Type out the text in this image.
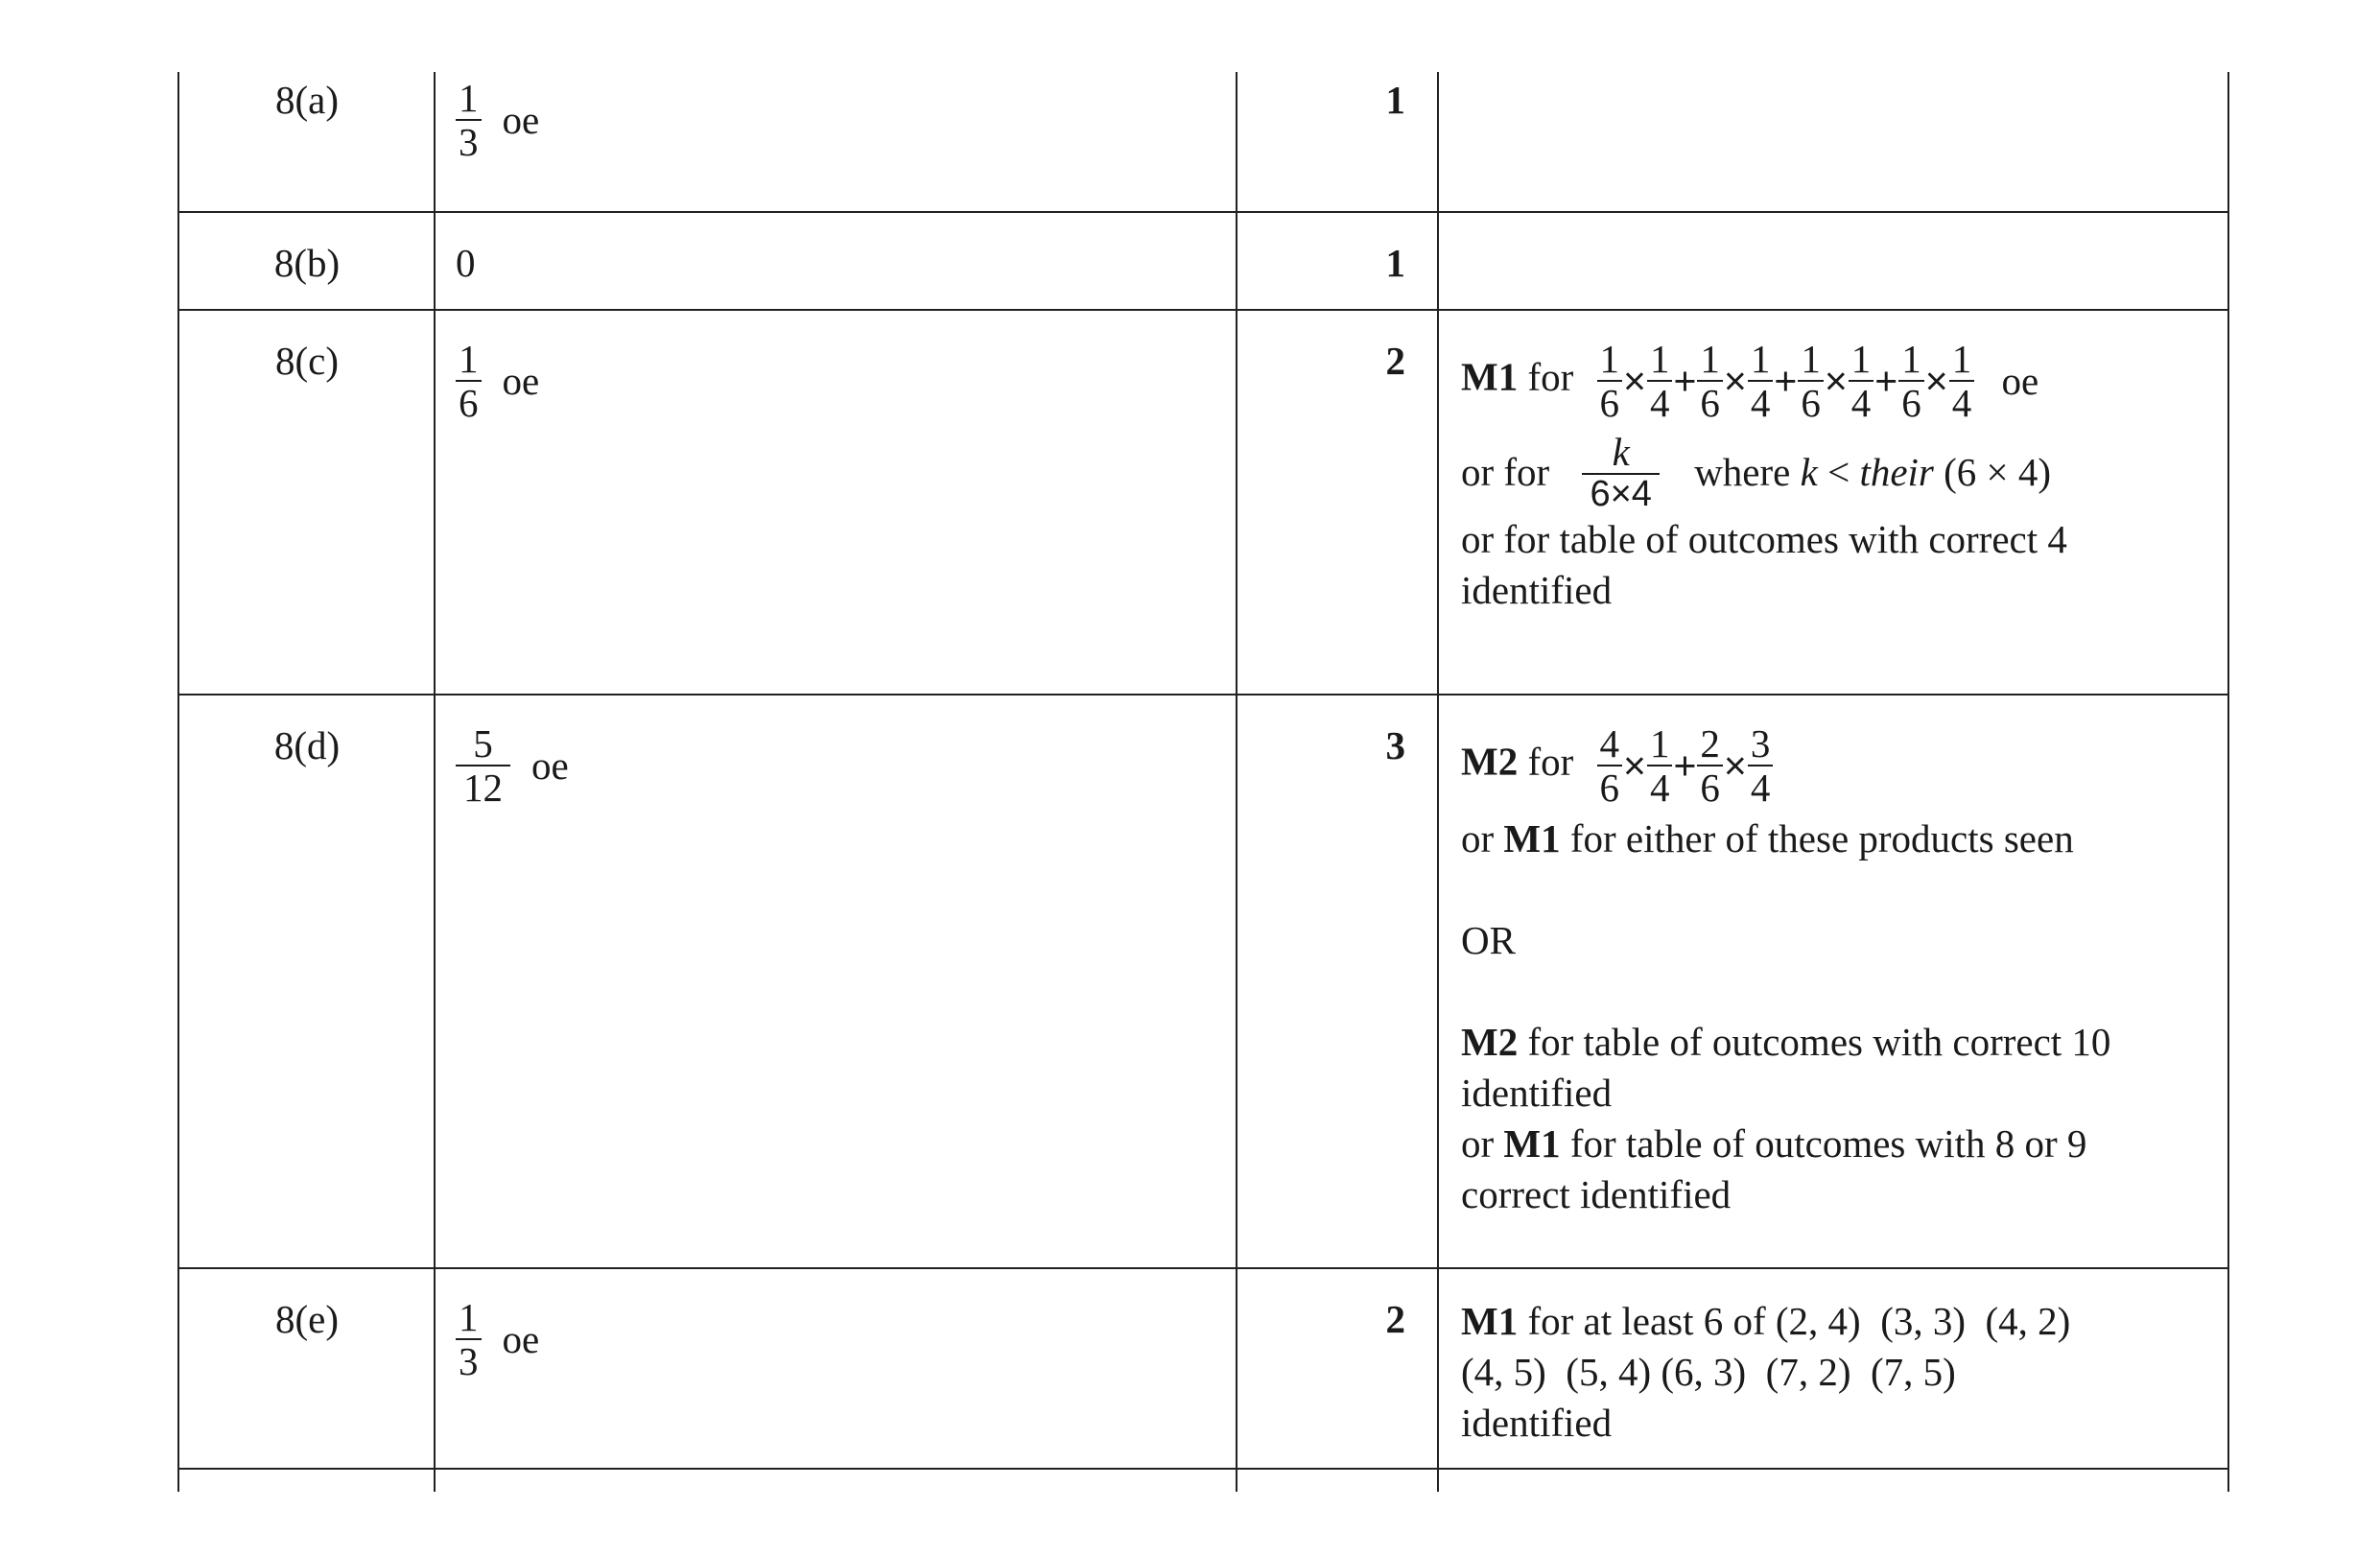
8(a)	$\frac{1}{3}$ oe	1
8(b)	0	1
8(c)	$\frac{1}{6}$ oe	2 M1 for $\frac{1}{6} \times \frac{1}{4} + \frac{1}{6} \times \frac{1}{4} + \frac{1}{6} \times \frac{1}{4} + \frac{1}{6} \times \frac{1}{4}$ oe
or for $\frac{k}{6\times 4}$ where k < their (6 × 4)
or for table of outcomes with correct 4
identified
8(d)	$\frac{5}{12}$ oe	3 M2 for $\frac{4}{6} \times \frac{1}{4} + \frac{2}{6} \times \frac{3}{4}$
or M1 for either of these products seen
OR
M2 for table of outcomes with correct 10
identified
or M1 for table of outcomes with 8 or 9
correct identified
8(e)	$\frac{1}{3}$ oe	2 M1 for at least 6 of (2, 4)  (3, 3)  (4, 2)
(4, 5)  (5, 4) (6, 3)  (7, 2)  (7, 5)
identified
